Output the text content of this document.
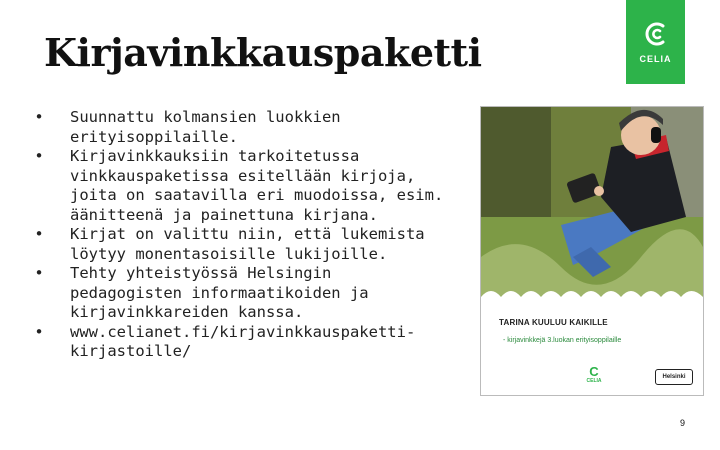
Kirjavinkkauspaketti	CELIA
• Suunnattu kolmansien luokkien erityisoppilaille.
• Kirjavinkkauksiin tarkoitetussa vinkkauspaketissa esitellään kirjoja, joita on saatavilla eri muodoissa, esim. äänitteenä ja painettuna kirjana.
• Kirjat on valittu niin, että lukemista löytyy monentasoisille lukijoille.
• Tehty yhteistyössä Helsingin pedagogisten informaatikoiden ja kirjavinkkareiden kanssa.
• www.celianet.fi/kirjavinkkauspaketti-kirjastoille/
TARINA KUULUU KAIKILLE
- kirjavinkkejä 3.luokan erityisoppilaille
C
CELIA
Helsinki
9
